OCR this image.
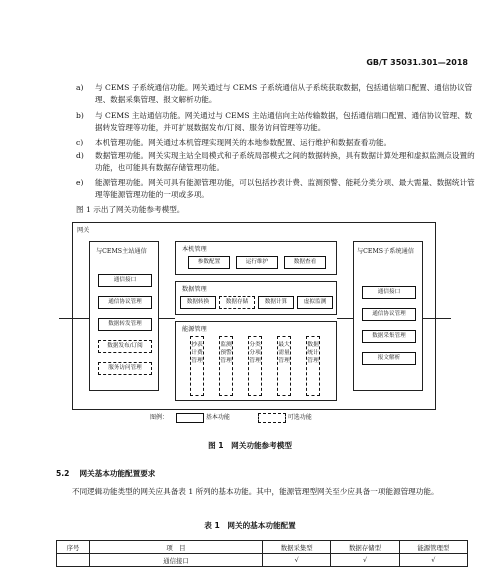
GB/T 35031.301—2018
a) 与 CEMS 子系统通信功能。网关通过与 CEMS 子系统通信从子系统获取数据，包括通信端口配置、通信协议管理、数据采集管理、报文解析功能。
b) 与 CEMS 主站通信功能。网关通过与 CEMS 主站通信向主站传输数据，包括通信端口配置、通信协议管理、数据转发管理等功能，并可扩展数据发布/订阅、服务访问管理等功能。
c) 本机管理功能。网关通过本机管理实现网关的本地参数配置、运行维护和数据查看功能。
d) 数据管理功能。网关实现主站全局模式和子系统局部模式之间的数据转换，具有数据计算处理和虚拟监测点设置的功能，也可能具有数据存储管理功能。
e) 能源管理功能。网关可具有能源管理功能，可以包括抄表计费、监测预警、能耗分类分项、最大需量、数据统计管理等能源管理功能的一项或多项。
图 1 示出了网关功能参考模型。
网关
与CEMS主站通信
通信接口
通信协议管理
数据转发管理
数据发布/订阅
服务访问管理
本机管理
参数配置	运行维护	数据查看
数据管理
数据转换	数据存储	数据计算	虚拟监测
能源管理
抄表计费管理
监测预警管理
分类分项管理
最大需量管理
数据统计管理
与CEMS子系统通信
通信接口
通信协议管理
数据采集管理
报文解析
图例：	基本功能	可选功能
图 1　网关功能参考模型
5.2 网关基本功能配置要求
不同逻辑功能类型的网关应具备表 1 所列的基本功能。其中，能源管理型网关至少应具备一项能源管理功能。
表 1　网关的基本功能配置
序号	项　目	数据采集型	数据存储型	能源管理型
	通信接口	√	√	√
